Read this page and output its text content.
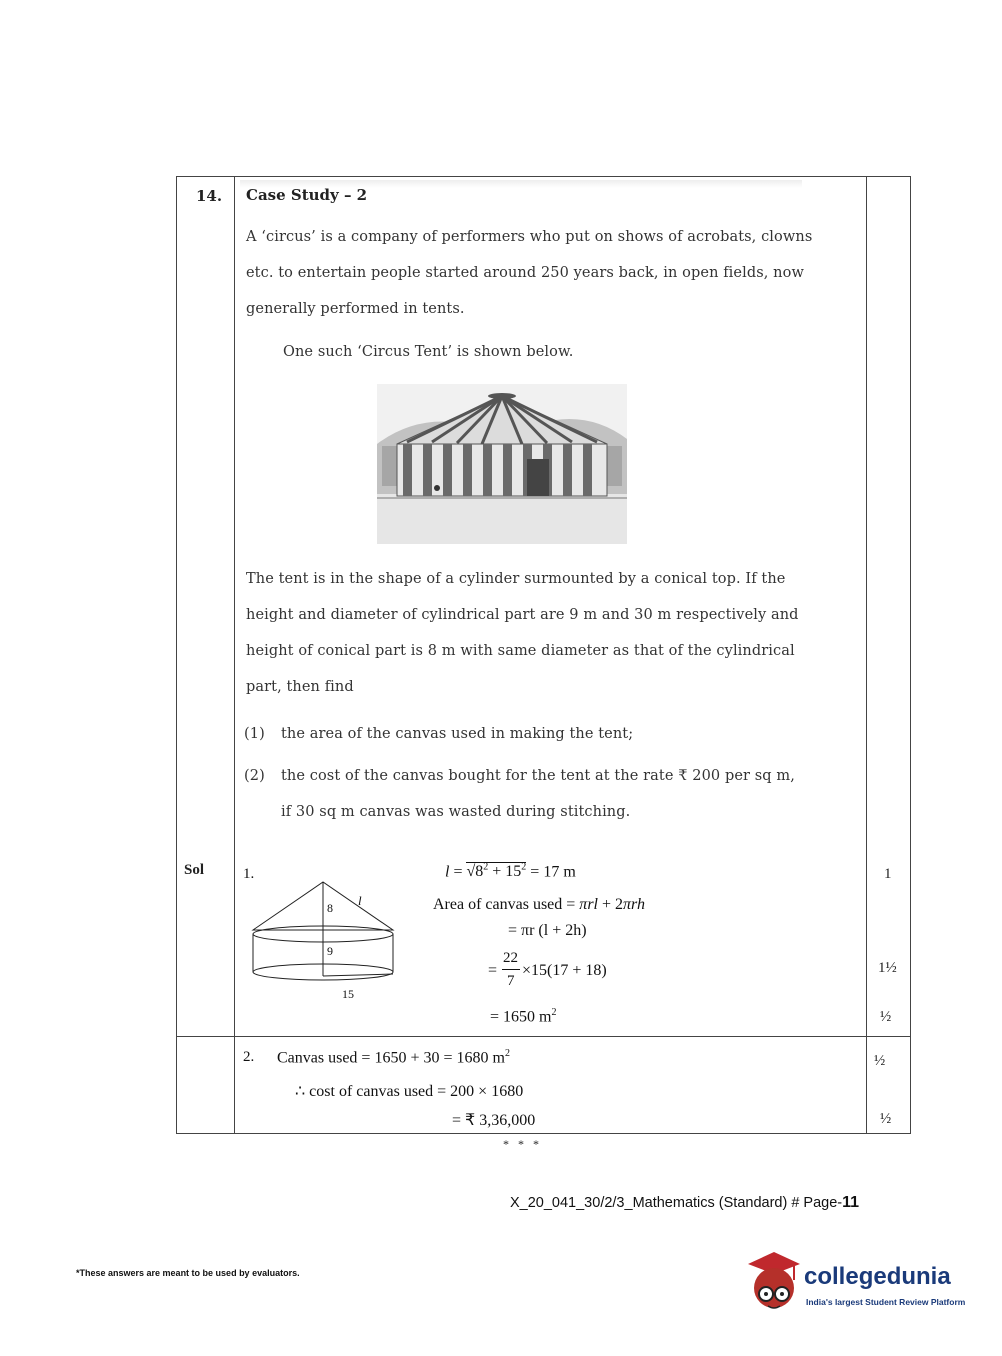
14. Case Study – 2
A ‘circus’ is a company of performers who put on shows of acrobats, clowns
etc. to entertain people started around 250 years back, in open fields, now
generally performed in tents.
One such ‘Circus Tent’ is shown below.
The tent is in the shape of a cylinder surmounted by a conical top. If the
height and diameter of cylindrical part are 9 m and 30 m respectively and
height of conical part is 8 m with same diameter as that of the cylindrical
part, then find
(1) the area of the canvas used in making the tent;
(2) the cost of the canvas bought for the tent at the rate ₹ 200 per sq m,
if 30 sq m canvas was wasted during stitching.
Sol	1.
8 l
9
15
$l = √8^2 + 15^2 = 17$ m
Area of canvas used = πrl + 2πrh
= πr (l + 2h)
=
22
7
×15(17 + 18)
= 1650 $m^2$
1
1½
½
½
½
2. Canvas used = 1650 + 30 = 1680 $m^2$
∴ cost of canvas used = 200 × 1680
= ₹ 3,36,000
* * *
X_20_041_30/2/3_Mathematics (Standard) # Page-11
*These answers are meant to be used by evaluators.	collegedunia
India's largest Student Review Platform
